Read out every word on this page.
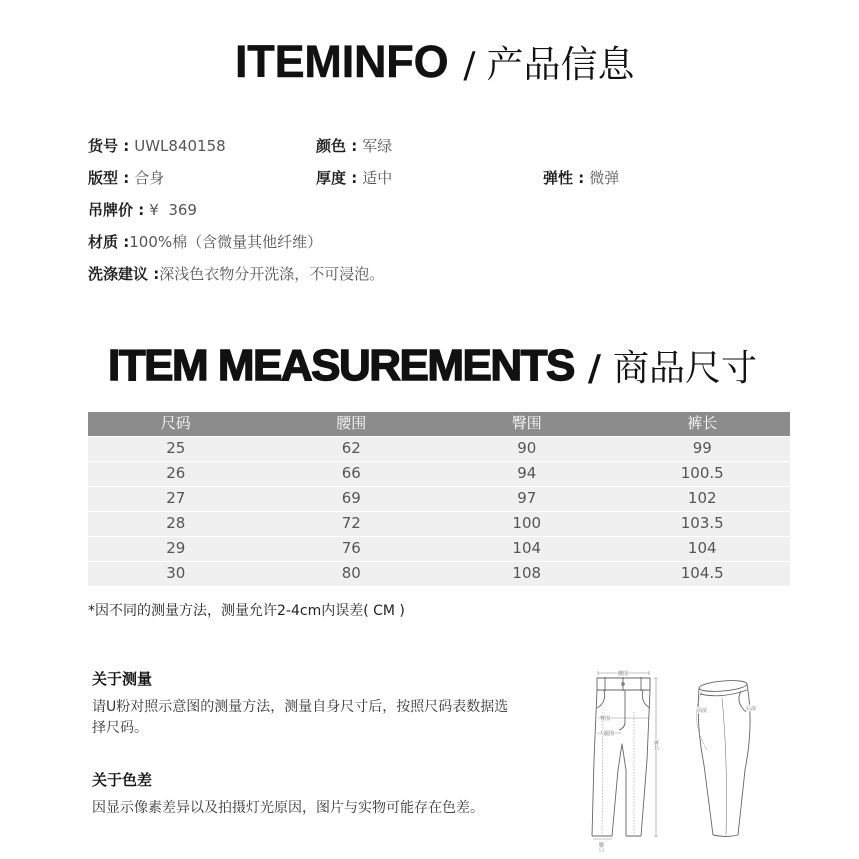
ITEMINFO / 产品信息
货号 : UWL840158	颜色 : 军绿
版型 : 合身	厚度 : 适中	弹性 : 微弹
吊牌价 : ¥  369
材质 :100%棉（含微量其他纤维）
洗涤建议 :深浅色衣物分开洗涤，不可浸泡。
ITEM MEASUREMENTS / 商品尺寸
尺码	腰围	臀围	裤长
25	62	90	99
26	66	94	100.5
27	69	97	102
28	72	100	103.5
29	76	104	104
30	80	108	104.5
*因不同的测量方法，测量允许2-4cm内误差( CM )
关于测量
请U粉对照示意图的测量方法，测量自身尺寸后，按照尺码表数据选择尺码。
关于色差
因显示像素差异以及拍摄灯光原因，图片与实物可能存在色差。
腰围
臀围
大腿围
裤长
脚口
前浪	后浪
